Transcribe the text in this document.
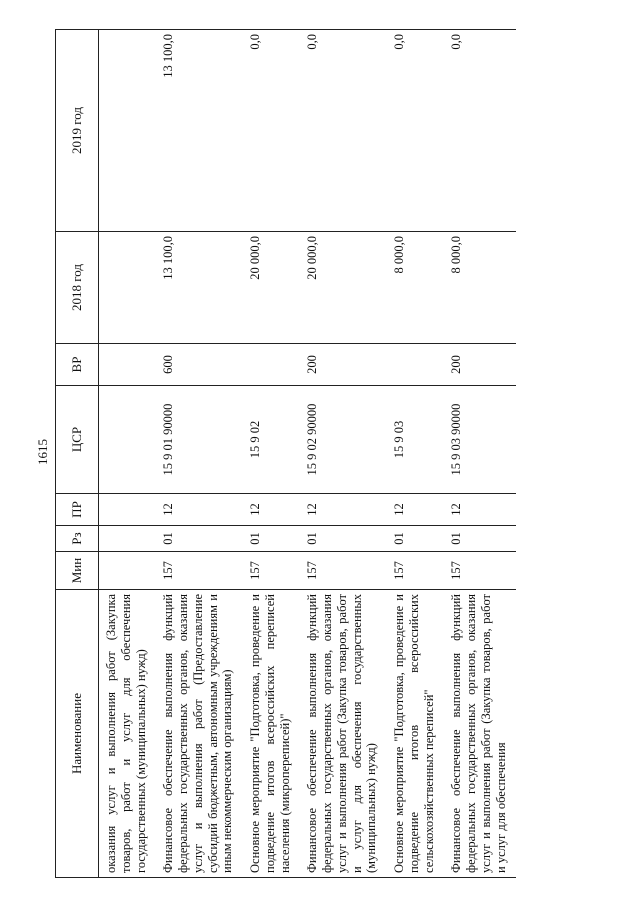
1615
Наименование	Мин	Рз	ПР	ЦСР	ВР	2018 год	2019 год
оказания услуг и выполнения работ (Закупка товаров, работ и услуг для обеспечения государственных (муниципальных) нужд)							
Финансовое обеспечение выполнения функций федеральных государственных органов, оказания услуг и выполнения работ (Предоставление субсидий бюджетным, автономным учреждениям и иным некоммерческим организациям)	157	01	12	15 9 01 90000	600	13 100,0	13 100,0
Основное мероприятие "Подготовка, проведение и подведение итогов всероссийских переписей населения (микропереписей)"	157	01	12	15 9 02		20 000,0	0,0
Финансовое обеспечение выполнения функций федеральных государственных органов, оказания услуг и выполнения работ (Закупка товаров, работ и услуг для обеспечения государственных (муниципальных) нужд)	157	01	12	15 9 02 90000	200	20 000,0	0,0
Основное мероприятие "Подготовка, проведение и подведение итогов всероссийских сельскохозяйственных переписей"	157	01	12	15 9 03		8 000,0	0,0
Финансовое обеспечение выполнения функций федеральных государственных органов, оказания услуг и выполнения работ (Закупка товаров, работ и услуг для обеспечения	157	01	12	15 9 03 90000	200	8 000,0	0,0
